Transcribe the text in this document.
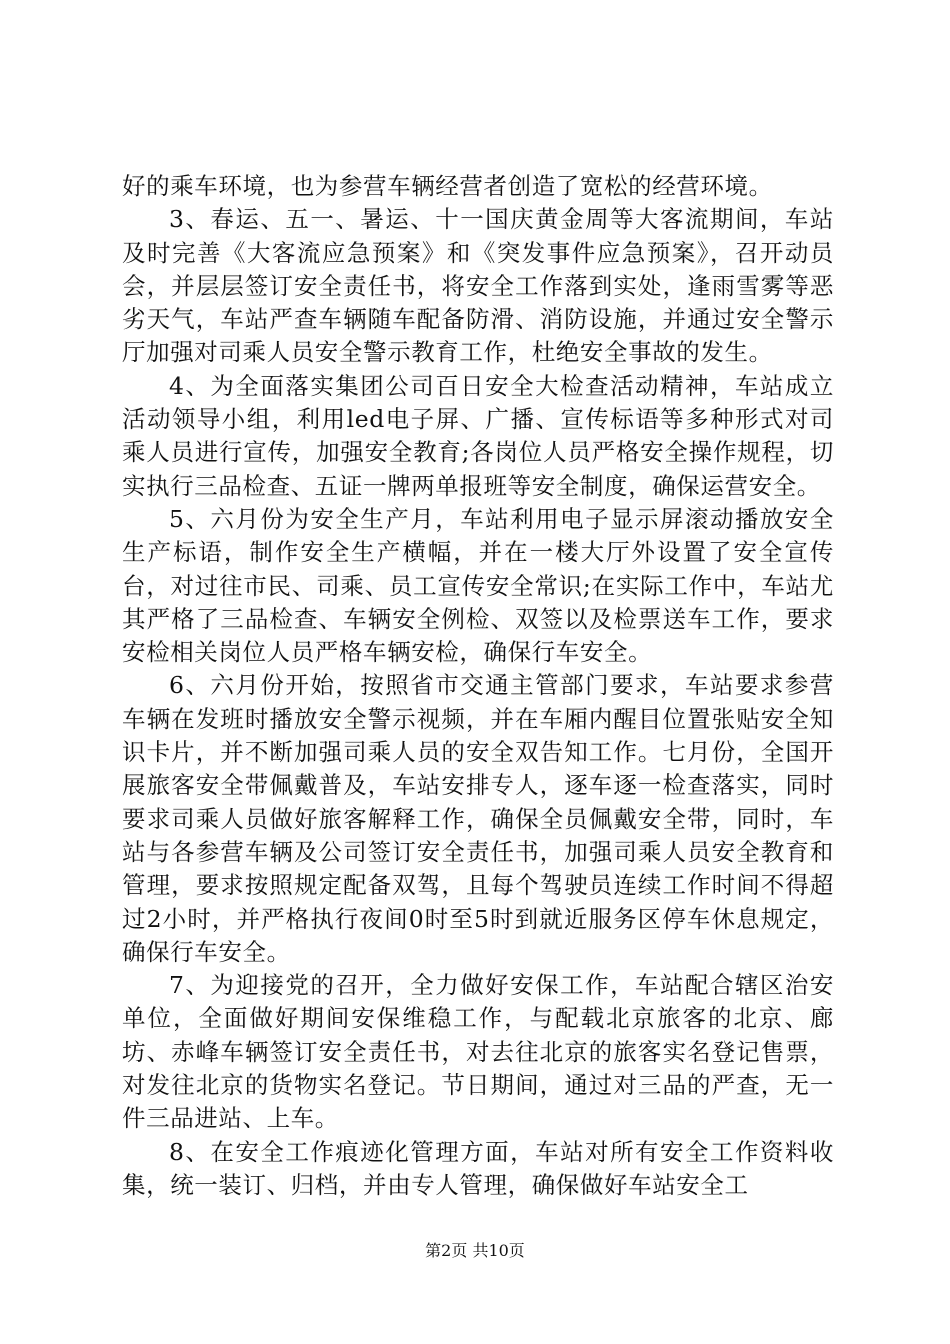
好的乘车环境，也为参营车辆经营者创造了宽松的经营环境。

3、春运、五一、暑运、十一国庆黄金周等大客流期间，车站及时完善《大客流应急预案》和《突发事件应急预案》，召开动员会，并层层签订安全责任书，将安全工作落到实处，逢雨雪雾等恶劣天气，车站严查车辆随车配备防滑、消防设施，并通过安全警示厅加强对司乘人员安全警示教育工作，杜绝安全事故的发生。

4、为全面落实集团公司百日安全大检查活动精神，车站成立活动领导小组，利用led电子屏、广播、宣传标语等多种形式对司乘人员进行宣传，加强安全教育;各岗位人员严格安全操作规程，切实执行三品检查、五证一牌两单报班等安全制度，确保运营安全。

5、六月份为安全生产月，车站利用电子显示屏滚动播放安全生产标语，制作安全生产横幅，并在一楼大厅外设置了安全宣传台，对过往市民、司乘、员工宣传安全常识;在实际工作中，车站尤其严格了三品检查、车辆安全例检、双签以及检票送车工作，要求安检相关岗位人员严格车辆安检，确保行车安全。

6、六月份开始，按照省市交通主管部门要求，车站要求参营车辆在发班时播放安全警示视频，并在车厢内醒目位置张贴安全知识卡片，并不断加强司乘人员的安全双告知工作。七月份，全国开展旅客安全带佩戴普及，车站安排专人，逐车逐一检查落实，同时要求司乘人员做好旅客解释工作，确保全员佩戴安全带，同时，车站与各参营车辆及公司签订安全责任书，加强司乘人员安全教育和管理，要求按照规定配备双驾，且每个驾驶员连续工作时间不得超过2小时，并严格执行夜间0时至5时到就近服务区停车休息规定，确保行车安全。

7、为迎接党的召开，全力做好安保工作，车站配合辖区治安单位，全面做好期间安保维稳工作，与配载北京旅客的北京、廊坊、赤峰车辆签订安全责任书，对去往北京的旅客实名登记售票，对发往北京的货物实名登记。节日期间，通过对三品的严查，无一件三品进站、上车。

8、在安全工作痕迹化管理方面，车站对所有安全工作资料收集，统一装订、归档，并由专人管理，确保做好车站安全工

第2页 共10页
